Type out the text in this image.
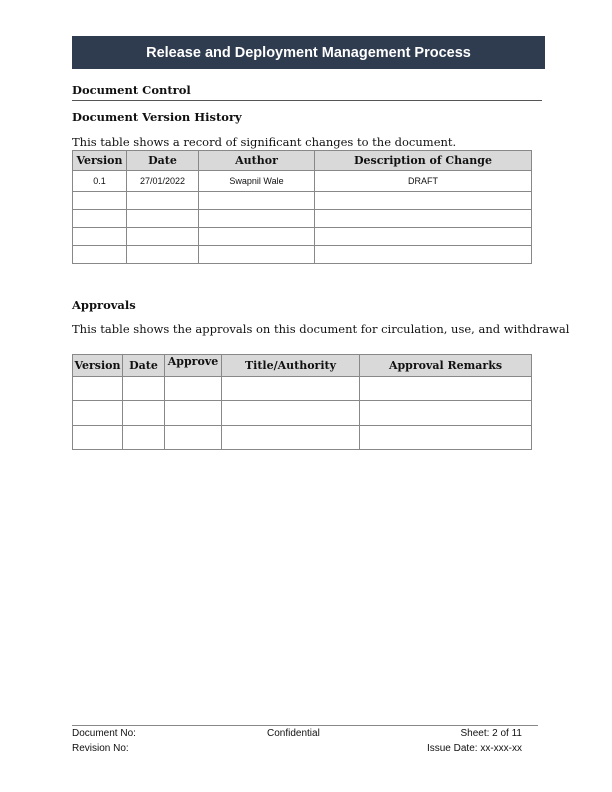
Release and Deployment Management Process
Document Control
Document Version History
This table shows a record of significant changes to the document.
Version	Date	Author	Description of Change
0.1	27/01/2022	Swapnil Wale	DRAFT

Approvals
This table shows the approvals on this document for circulation, use, and withdrawal
Version	Date	Approve	Title/Authority	Approval Remarks

Document No:	Confidential	Sheet: 2 of 11
Revision No:	Issue Date: xx-xxx-xx
